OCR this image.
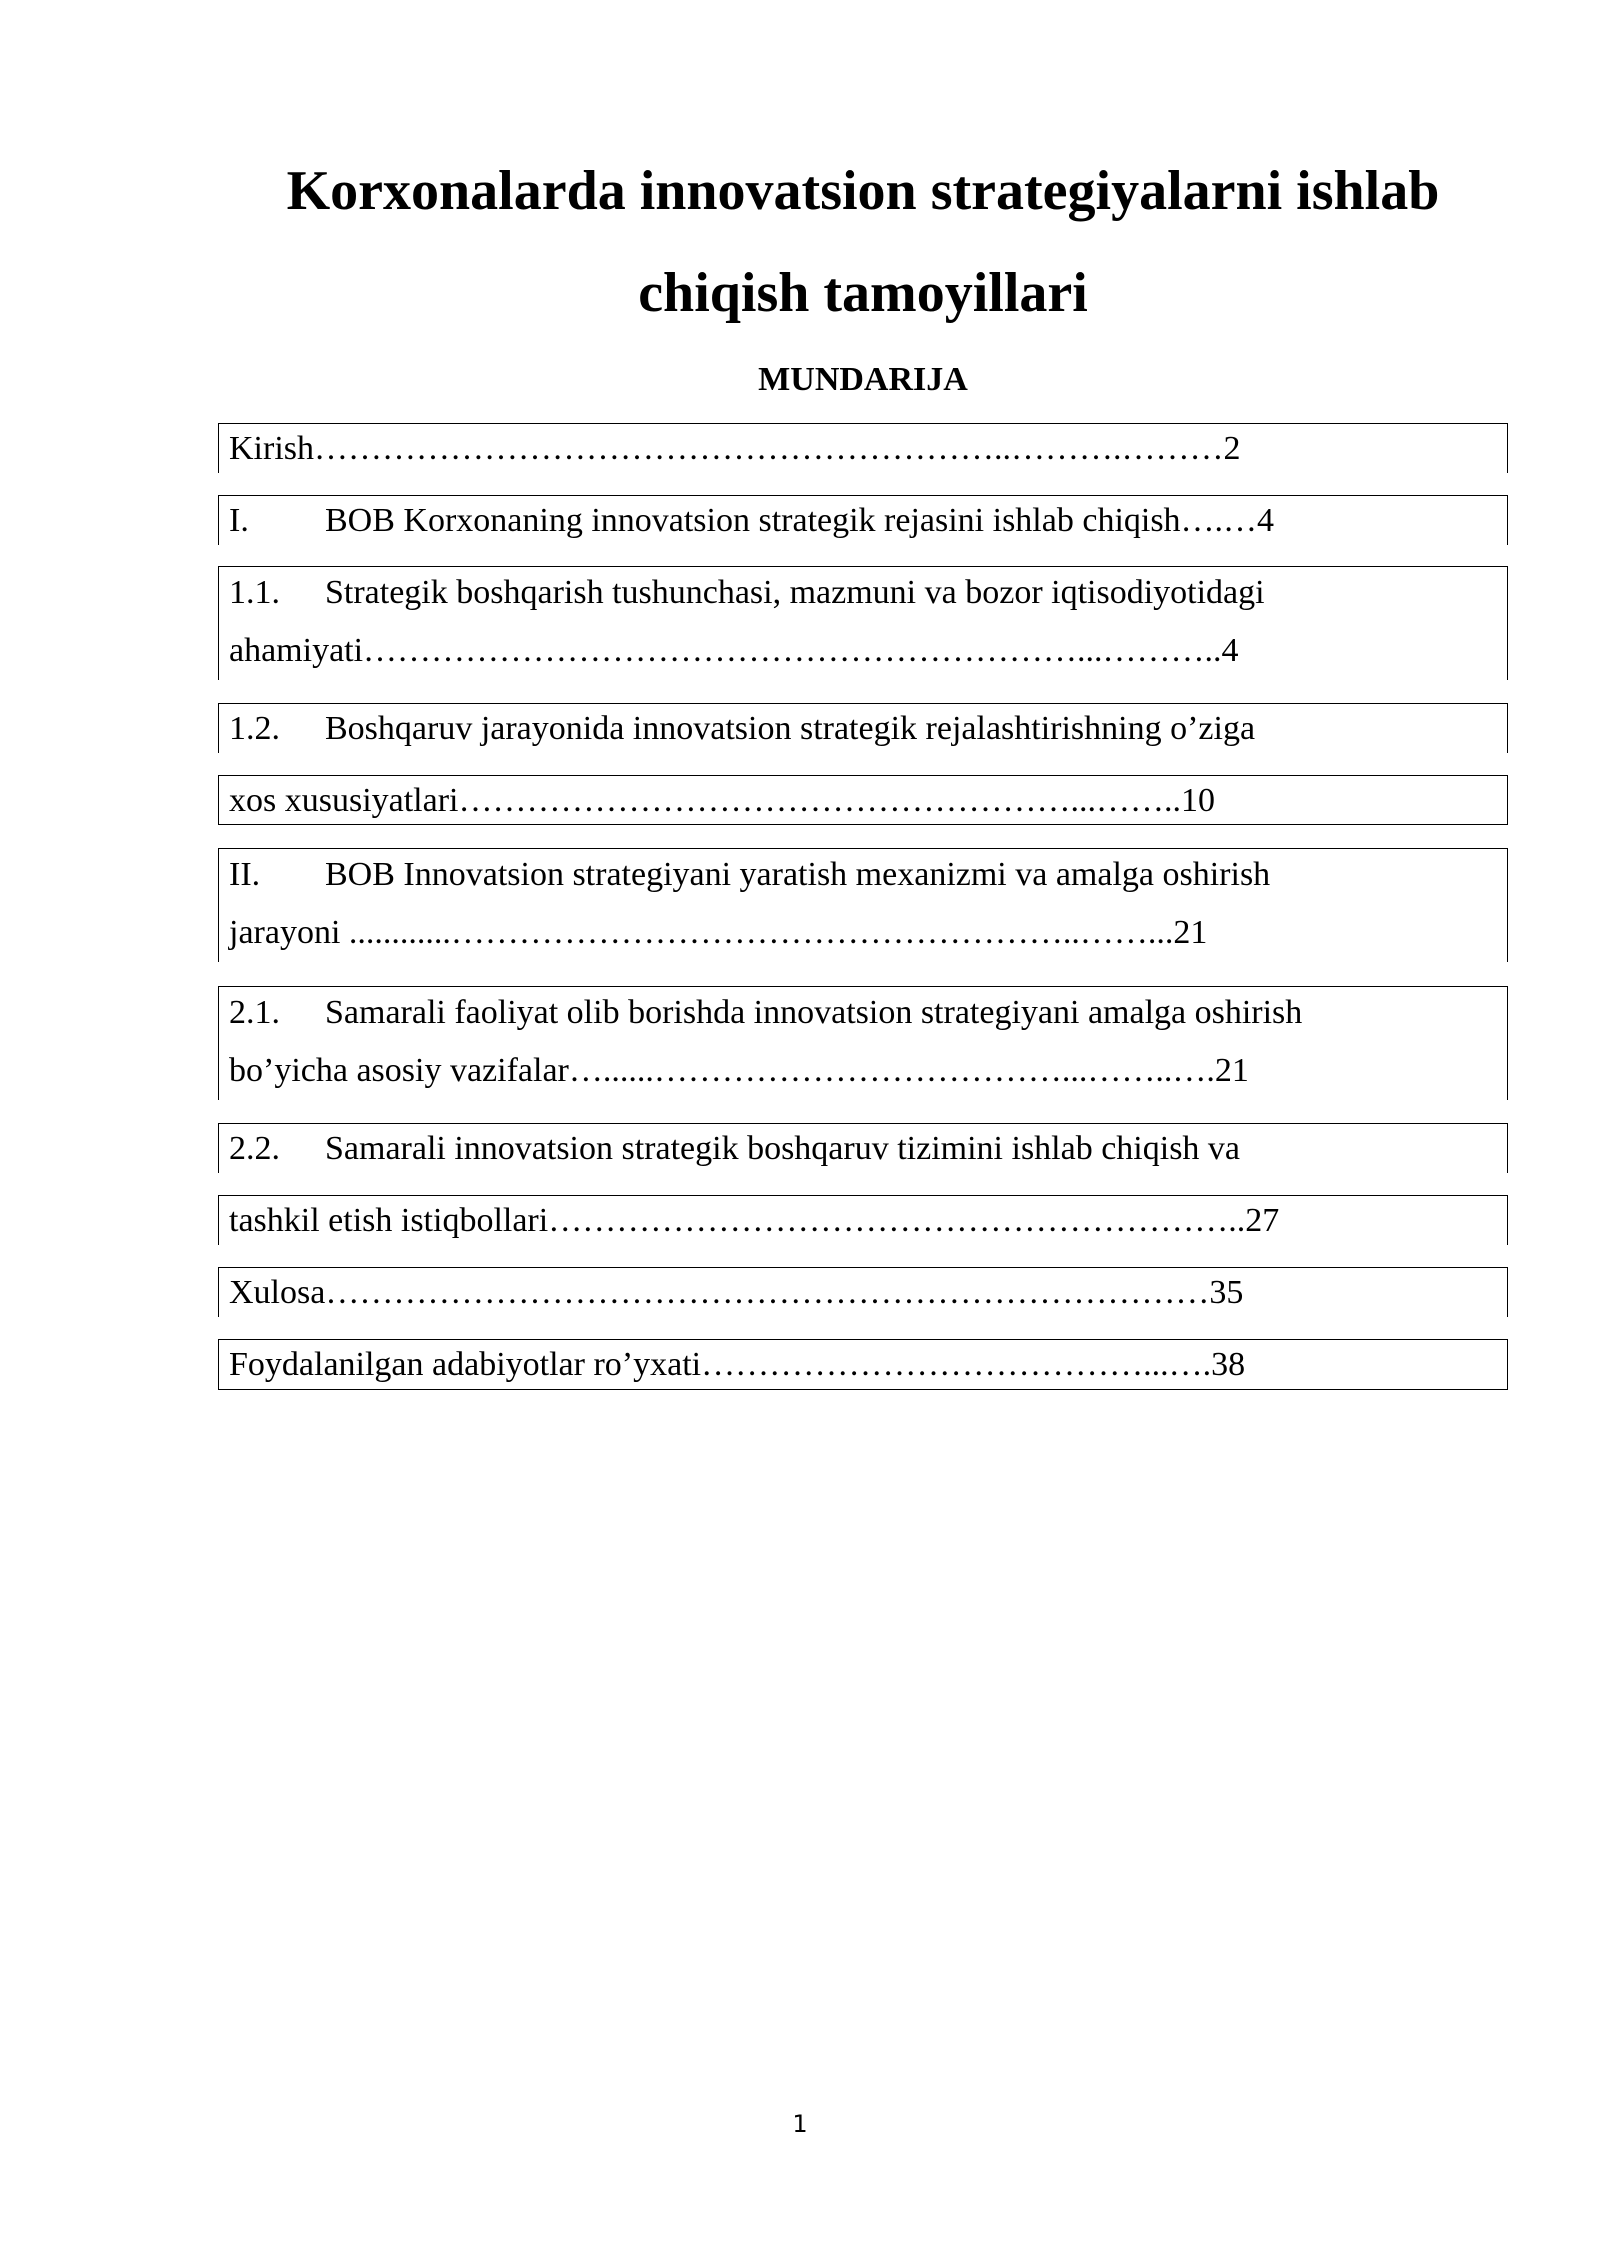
Korxonalarda innovatsion strategiyalarni ishlab
chiqish tamoyillari
MUNDARIJA
Kirish……………………………………………………..……….………2
I. BOB Korxonaning innovatsion strategik rejasini ishlab chiqish….…4
1.1. Strategik boshqarish tushunchasi, mazmuni va bozor iqtisodiyotidagi
ahamiyati………………………………………………………...………..4
1.2. Boshqaruv jarayonida innovatsion strategik rejalashtirishning o’ziga
xos xususiyatlari………………………………………………...……..10
II. BOB Innovatsion strategiyani yaratish mexanizmi va amalga oshirish
jarayoni ............………………………………………………..……...21
2.1. Samarali faoliyat olib borishda innovatsion strategiyani amalga oshirish
bo’yicha asosiy vazifalar…......………………………………...……..….21
2.2. Samarali innovatsion strategik boshqaruv tizimini ishlab chiqish va
tashkil etish istiqbollari……………………………………………………..27
Xulosa……………………………………………………………………35
Foydalanilgan adabiyotlar ro’yxati…………………………………...….38
1
